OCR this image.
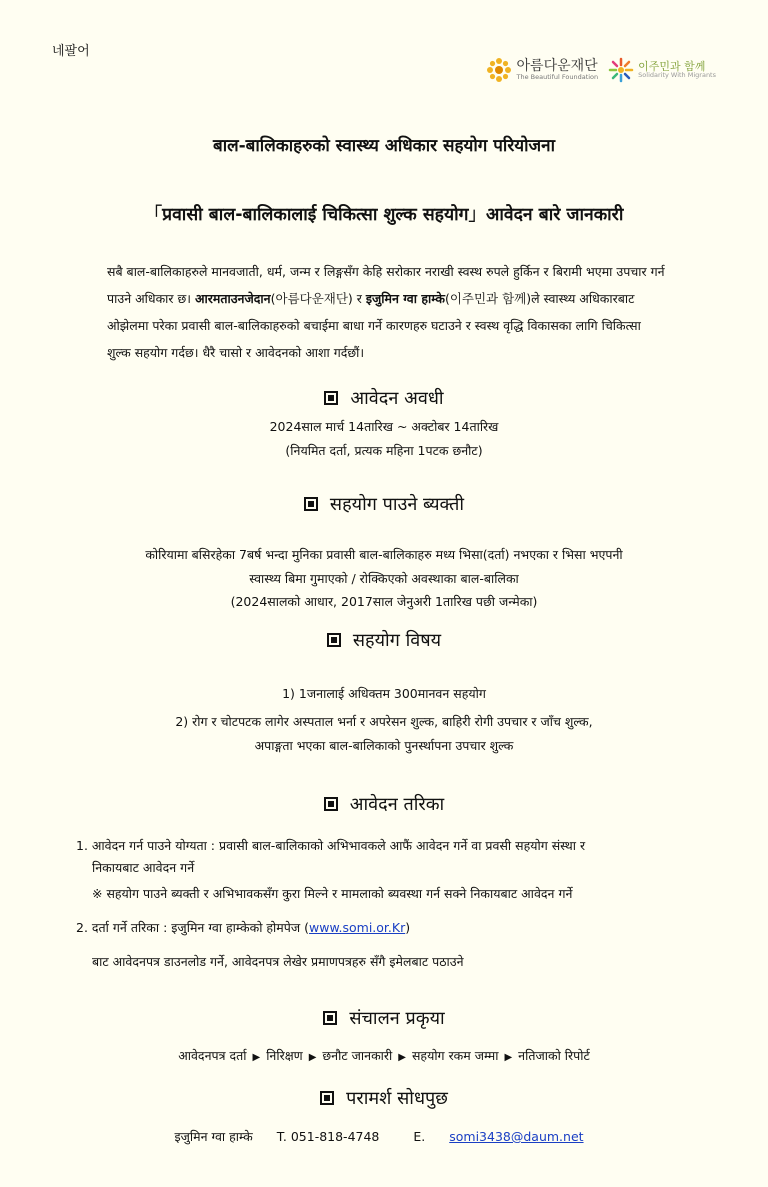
네팔어
아름다운재단
The Beautiful Foundation
이주민과 함께
Solidarity With Migrants
बाल-बालिकाहरुको स्वास्थ्य अधिकार सहयोग परियोजना
「प्रवासी बाल-बालिकालाई चिकित्सा शुल्क सहयोग」आवेदन बारे जानकारी
सबै बाल-बालिकाहरुले मानवजाती, धर्म, जन्म र लिङ्गसँग केहि सरोकार नराखी स्वस्थ रुपले हुर्किन र बिरामी भएमा उपचार गर्न पाउने अधिकार छ। आरमताउनजेदान(아름다운재단) र इजुमिन ग्वा हाम्के(이주민과 함께)ले स्वास्थ्य अधिकारबाट ओझेलमा परेका प्रवासी बाल-बालिकाहरुको बचाईमा बाधा गर्ने कारणहरु घटाउने र स्वस्थ वृद्धि विकासका लागि चिकित्सा शुल्क सहयोग गर्दछ। धैरै चासो र आवेदनको आशा गर्दछौं।
आवेदन अवधी
2024साल मार्च 14तारिख ~ अक्टोबर 14तारिख
(नियमित दर्ता, प्रत्यक महिना 1पटक छनौट)
सहयोग पाउने ब्यक्ती
कोरियामा बसिरहेका 7बर्ष भन्दा मुनिका प्रवासी बाल-बालिकाहरु मध्य भिसा(दर्ता) नभएका र भिसा भएपनी
स्वास्थ्य बिमा गुमाएको / रोक्किएको अवस्थाका बाल-बालिका
(2024सालको आधार, 2017साल जेनुअरी 1तारिख पछी जन्मेका)
सहयोग विषय
1) 1जनालाई अधिक्तम 300मानवन सहयोग
2) रोग र चोटपटक लागेर अस्पताल भर्ना र अपरेसन शुल्क, बाहिरी रोगी उपचार र जाँच शुल्क,
अपाङ्गता भएका बाल-बालिकाको पुनर्स्थापना उपचार शुल्क
आवेदन तरिका
1. आवेदन गर्न पाउने योग्यता : प्रवासी बाल-बालिकाको अभिभावकले आफैं आवेदन गर्ने वा प्रवसी सहयोग संस्था र
निकायबाट आवेदन गर्ने
※ सहयोग पाउने ब्यक्ती र अभिभावकसँग कुरा मिल्ने र मामलाको ब्यवस्था गर्न सक्ने निकायबाट आवेदन गर्ने
2. दर्ता गर्ने तरिका : इजुमिन ग्वा हाम्केको होमपेज (www.somi.or.Kr)
बाट आवेदनपत्र डाउनलोड गर्ने, आवेदनपत्र लेखेर प्रमाणपत्रहरु सँगै इमेलबाट पठाउने
संचालन प्रकृया
आवेदनपत्र दर्ता ▶ निरिक्षण ▶ छनौट जानकारी ▶ सहयोग रकम जम्मा ▶ नतिजाको रिपोर्ट
परामर्श सोधपुछ
इजुमिन ग्वा हाम्के T. 051-818-4748	E. somi3438@daum.net
